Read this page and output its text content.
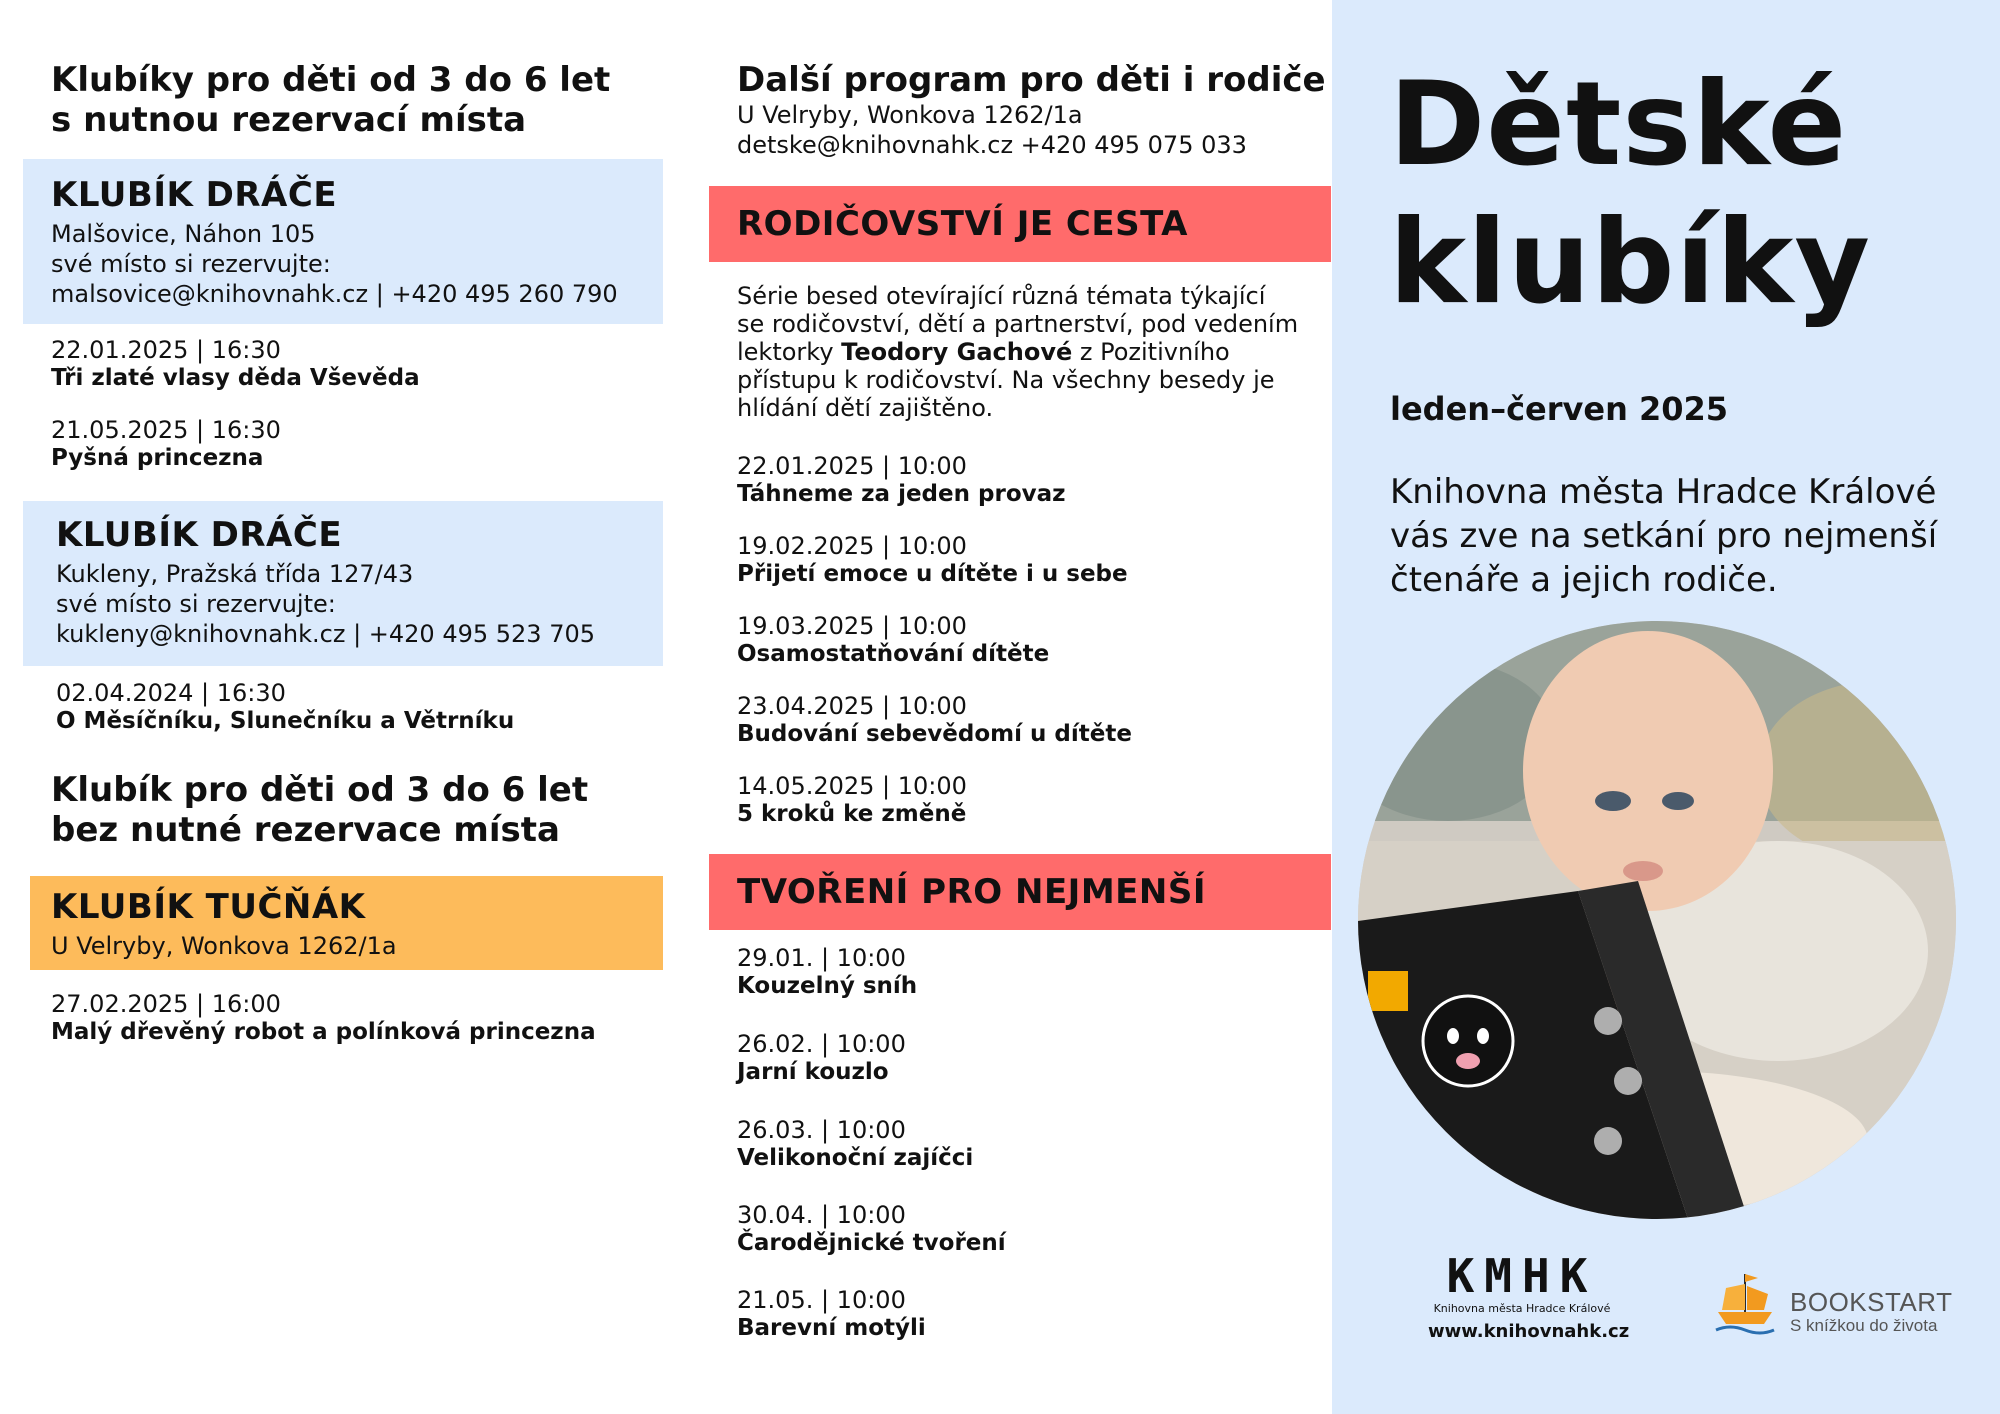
Klubíky pro děti od 3 do 6 let
s nutnou rezervací místa
KLUBÍK DRÁČE
Malšovice, Náhon 105
své místo si rezervujte:
malsovice@knihovnahk.cz | +420 495 260 790
22.01.2025 | 16:30
Tři zlaté vlasy děda Vševěda
21.05.2025 | 16:30
Pyšná princezna
KLUBÍK DRÁČE
Kukleny, Pražská třída 127/43
své místo si rezervujte:
kukleny@knihovnahk.cz | +420 495 523 705
02.04.2024 | 16:30
O Měsíčníku, Slunečníku a Větrníku
Klubík pro děti od 3 do 6 let
bez nutné rezervace místa
KLUBÍK TUČŇÁK
U Velryby, Wonkova 1262/1a
27.02.2025 | 16:00
Malý dřevěný robot a polínková princezna
Další program pro děti i rodiče
U Velryby, Wonkova 1262/1a
detske@knihovnahk.cz +420 495 075 033
RODIČOVSTVÍ JE CESTA
Série besed otevírající různá témata týkající
se rodičovství, dětí a partnerství, pod vedením
lektorky Teodory Gachové z Pozitivního
přístupu k rodičovství. Na všechny besedy je
hlídání dětí zajištěno.
22.01.2025 | 10:00
Táhneme za jeden provaz
19.02.2025 | 10:00
Přijetí emoce u dítěte i u sebe
19.03.2025 | 10:00
Osamostatňování dítěte
23.04.2025 | 10:00
Budování sebevědomí u dítěte
14.05.2025 | 10:00
5 kroků ke změně
TVOŘENÍ PRO NEJMENŠÍ
29.01. | 10:00
Kouzelný sníh
26.02. | 10:00
Jarní kouzlo
26.03. | 10:00
Velikonoční zajíčci
30.04. | 10:00
Čarodějnické tvoření
21.05. | 10:00
Barevní motýli
Dětské
klubíky
leden–červen 2025
Knihovna města Hradce Králové
vás zve na setkání pro nejmenší
čtenáře a jejich rodiče.
KMHK
Knihovna města Hradce Králové
www.knihovnahk.cz
BOOKSTART
S knížkou do života
